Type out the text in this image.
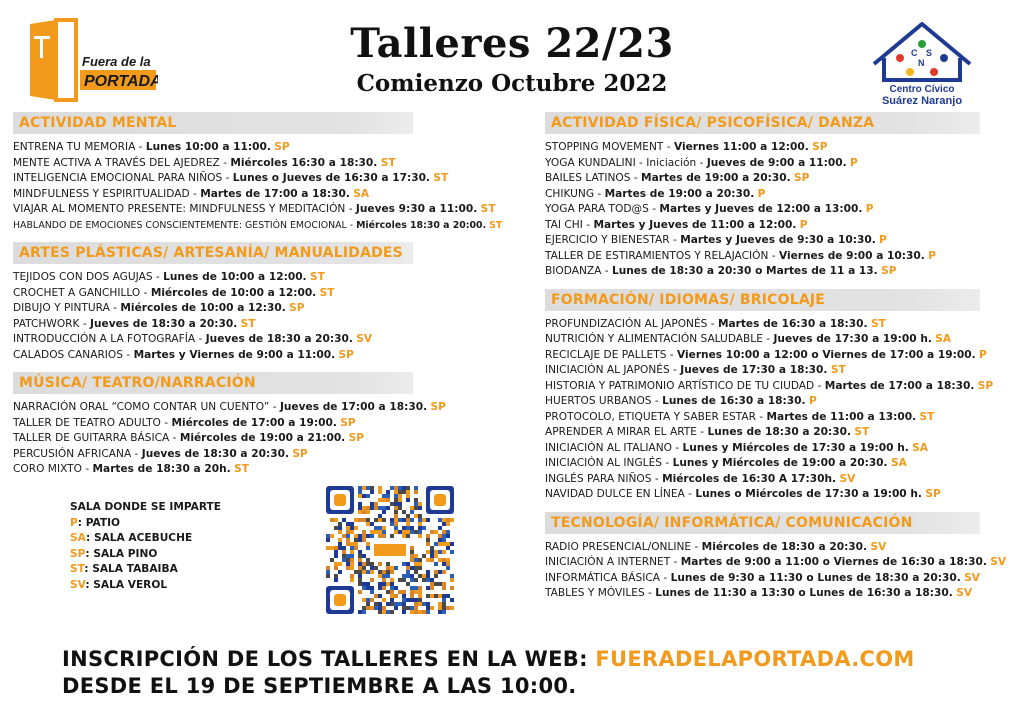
Fuera de la
PORTADA
Talleres 22/23
Comienzo Octubre 2022
C S
N
Centro Cívico
Suárez Naranjo
ACTIVIDAD MENTAL
ENTRENA TU MEMORIA - Lunes 10:00 a 11:00. SP
MENTE ACTIVA A TRAVÉS DEL AJEDREZ - Miércoles 16:30 a 18:30. ST
INTELIGENCIA EMOCIONAL PARA NIÑOS - Lunes o Jueves de 16:30 a 17:30. ST
MINDFULNESS Y ESPIRITUALIDAD - Martes de 17:00 a 18:30. SA
VIAJAR AL MOMENTO PRESENTE: MINDFULNESS Y MEDITACIÓN - Jueves 9:30 a 11:00. ST
HABLANDO DE EMOCIONES CONSCIENTEMENTE: GESTIÓN EMOCIONAL - Miércoles 18:30 a 20:00. ST
ARTES PLÁSTICAS/ ARTESANÍA/ MANUALIDADES
TEJIDOS CON DOS AGUJAS - Lunes de 10:00 a 12:00. ST
CROCHET A GANCHILLO - Miércoles de 10:00 a 12:00. ST
DIBUJO Y PINTURA - Miércoles de 10:00 a 12:30. SP
PATCHWORK - Jueves de 18:30 a 20:30. ST
INTRODUCCIÓN A LA FOTOGRAFÍA - Jueves de 18:30 a 20:30. SV
CALADOS CANARIOS - Martes y Viernes de 9:00 a 11:00. SP
MÚSICA/ TEATRO/NARRACIÓN
NARRACIÓN ORAL “COMO CONTAR UN CUENTO” - Jueves de 17:00 a 18:30. SP
TALLER DE TEATRO ADULTO - Miércoles de 17:00 a 19:00. SP
TALLER DE GUITARRA BÁSICA - Miércoles de 19:00 a 21:00. SP
PERCUSIÓN AFRICANA - Jueves de 18:30 a 20:30. SP
CORO MIXTO - Martes de 18:30 a 20h. ST
ACTIVIDAD FÍSICA/ PSICOFÍSICA/ DANZA
STOPPING MOVEMENT - Viernes 11:00 a 12:00. SP
YOGA KUNDALINI - Iniciación - Jueves de 9:00 a 11:00. P
BAILES LATINOS - Martes de 19:00 a 20:30. SP
CHIKUNG - Martes de 19:00 a 20:30. P
YOGA PARA TOD@S - Martes y Jueves de 12:00 a 13:00. P
TAI CHI - Martes y Jueves de 11:00 a 12:00. P
EJERCICIO Y BIENESTAR - Martes y Jueves de 9:30 a 10:30. P
TALLER DE ESTIRAMIENTOS Y RELAJACIÓN - Viernes de 9:00 a 10:30. P
BIODANZA - Lunes de 18:30 a 20:30 o Martes de 11 a 13. SP
FORMACIÓN/ IDIOMAS/ BRICOLAJE
PROFUNDIZACIÓN AL JAPONÉS - Martes de 16:30 a 18:30. ST
NUTRICIÓN Y ALIMENTACIÓN SALUDABLE - Jueves de 17:30 a 19:00 h. SA
RECICLAJE DE PALLETS - Viernes 10:00 a 12:00 o Viernes de 17:00 a 19:00. P
INICIACIÓN AL JAPONÉS - Jueves de 17:30 a 18:30. ST
HISTORIA Y PATRIMONIO ARTÍSTICO DE TU CIUDAD - Martes de 17:00 a 18:30. SP
HUERTOS URBANOS - Lunes de 16:30 a 18:30. P
PROTOCOLO, ETIQUETA Y SABER ESTAR - Martes de 11:00 a 13:00. ST
APRENDER A MIRAR EL ARTE - Lunes de 18:30 a 20:30. ST
INICIACIÓN AL ITALIANO - Lunes y Miércoles de 17:30 a 19:00 h. SA
INICIACIÓN AL INGLÉS - Lunes y Miércoles de 19:00 a 20:30. SA
INGLÉS PARA NIÑOS - Miércoles de 16:30 A 17:30h. SV
NAVIDAD DULCE EN LÍNEA - Lunes o Miércoles de 17:30 a 19:00 h. SP
TECNOLOGÍA/ INFORMÁTICA/ COMUNICACIÓN
RADIO PRESENCIAL/ONLINE - Miércoles de 18:30 a 20:30. SV
INICIACIÓN A INTERNET - Martes de 9:00 a 11:00 o Viernes de 16:30 a 18:30. SV
INFORMÁTICA BÁSICA - Lunes de 9:30 a 11:30 o Lunes de 18:30 a 20:30. SV
TABLES Y MÓVILES - Lunes de 11:30 a 13:30 o Lunes de 16:30 a 18:30. SV
SALA DONDE SE IMPARTE
P: PATIO
SA: SALA ACEBUCHE
SP: SALA PINO
ST: SALA TABAIBA
SV: SALA VEROL
INSCRIPCIÓN DE LOS TALLERES EN LA WEB: FUERADELAPORTADA.COM
DESDE EL 19 DE SEPTIEMBRE A LAS 10:00.
